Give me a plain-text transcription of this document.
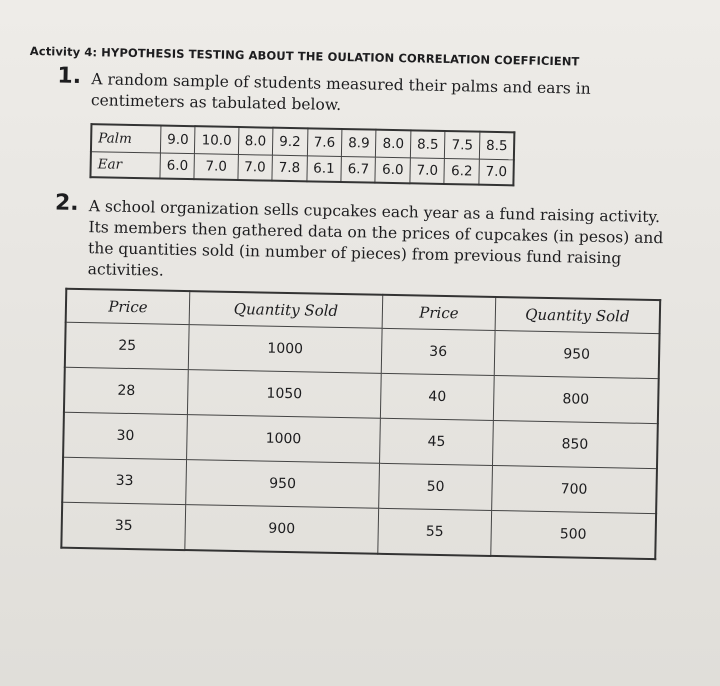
Activity 4: HYPOTHESIS TESTING ABOUT THE OULATION CORRELATION COEFFICIENT
1. A random sample of students measured their palms and ears in centimeters as tabulated below.

Palm	9.0	10.0	8.0	9.2	7.6	8.9	8.0	8.5	7.5	8.5
Ear	6.0	7.0	7.0	7.8	6.1	6.7	6.0	7.0	6.2	7.0
2. A school organization sells cupcakes each year as a fund raising activity. Its members then gathered data on the prices of cupcakes (in pesos) and the quantities sold (in number of pieces) from previous fund raising activities.

Price	Quantity Sold	Price	Quantity Sold
25	1000	36	950
28	1050	40	800
30	1000	45	850
33	950	50	700
35	900	55	500
